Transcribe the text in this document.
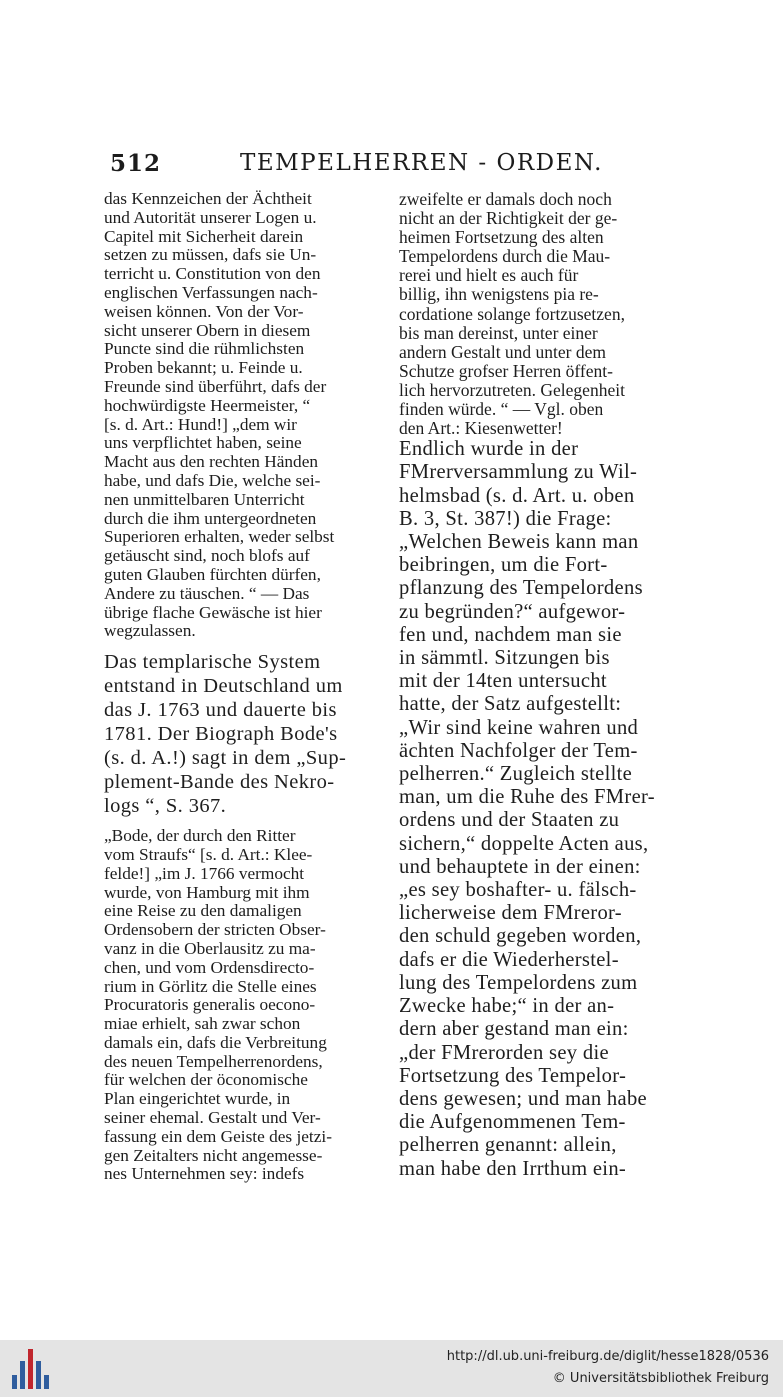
512	TEMPELHERREN - ORDEN.

das Kennzeichen der Ächtheit

und Autorität unserer Logen u.

Capitel mit Sicherheit darein

setzen zu müssen, dafs sie Un-

terricht u. Constitution von den

englischen Verfassungen nach-

weisen können. Von der Vor-

sicht unserer Obern in diesem

Puncte sind die rühmlichsten

Proben bekannt; u. Feinde u.

Freunde sind überführt, dafs der

hochwürdigste Heermeister, “

[s. d. Art.: Hund!] „dem wir

uns verpflichtet haben, seine

Macht aus den rechten Händen

habe, und dafs Die, welche sei-

nen unmittelbaren Unterricht

durch die ihm untergeordneten

Superioren erhalten, weder selbst

getäuscht sind, noch blofs auf

guten Glauben fürchten dürfen,

Andere zu täuschen. “ — Das

übrige flache Gewäsche ist hier

wegzulassen.

Das templarische System

entstand in Deutschland um

das J. 1763 und dauerte bis

1781. Der Biograph Bode's

(s. d. A.!) sagt in dem „Sup-

plement-Bande des Nekro-

logs “, S. 367.

„Bode, der durch den Ritter

vom Straufs“ [s. d. Art.: Klee-

felde!] „im J. 1766 vermocht

wurde, von Hamburg mit ihm

eine Reise zu den damaligen

Ordensobern der stricten Obser-

vanz in die Oberlausitz zu ma-

chen, und vom Ordensdirecto-

rium in Görlitz die Stelle eines

Procuratoris generalis oecono-

miae erhielt, sah zwar schon

damals ein, dafs die Verbreitung

des neuen Tempelherrenordens,

für welchen der öconomische

Plan eingerichtet wurde, in

seiner ehemal. Gestalt und Ver-

fassung ein dem Geiste des jetzi-

gen Zeitalters nicht angemesse-

nes Unternehmen sey: indefs

zweifelte er damals doch noch

nicht an der Richtigkeit der ge-

heimen Fortsetzung des alten

Tempelordens durch die Mau-

rerei und hielt es auch für

billig, ihn wenigstens pia re-

cordatione solange fortzusetzen,

bis man dereinst, unter einer

andern Gestalt und unter dem

Schutze grofser Herren öffent-

lich hervorzutreten. Gelegenheit

finden würde. “ — Vgl. oben

den Art.: Kiesenwetter!

Endlich wurde in der

FMrerversammlung zu Wil-

helmsbad (s. d. Art. u. oben

B. 3, St. 387!) die Frage:

„Welchen Beweis kann man

beibringen, um die Fort-

pflanzung des Tempelordens

zu begründen?“ aufgewor-

fen und, nachdem man sie

in sämmtl. Sitzungen bis

mit der 14ten untersucht

hatte, der Satz aufgestellt:

„Wir sind keine wahren und

ächten Nachfolger der Tem-

pelherren.“ Zugleich stellte

man, um die Ruhe des FMrer-

ordens und der Staaten zu

sichern,“ doppelte Acten aus,

und behauptete in der einen:

„es sey boshafter- u. fälsch-

licherweise dem FMreror-

den schuld gegeben worden,

dafs er die Wiederherstel-

lung des Tempelordens zum

Zwecke habe;“ in der an-

dern aber gestand man ein:

„der FMrerorden sey die

Fortsetzung des Tempelor-

dens gewesen; und man habe

die Aufgenommenen Tem-

pelherren genannt: allein,

man habe den Irrthum ein-

http://dl.ub.uni-freiburg.de/diglit/hesse1828/0536
© Universitätsbibliothek Freiburg
